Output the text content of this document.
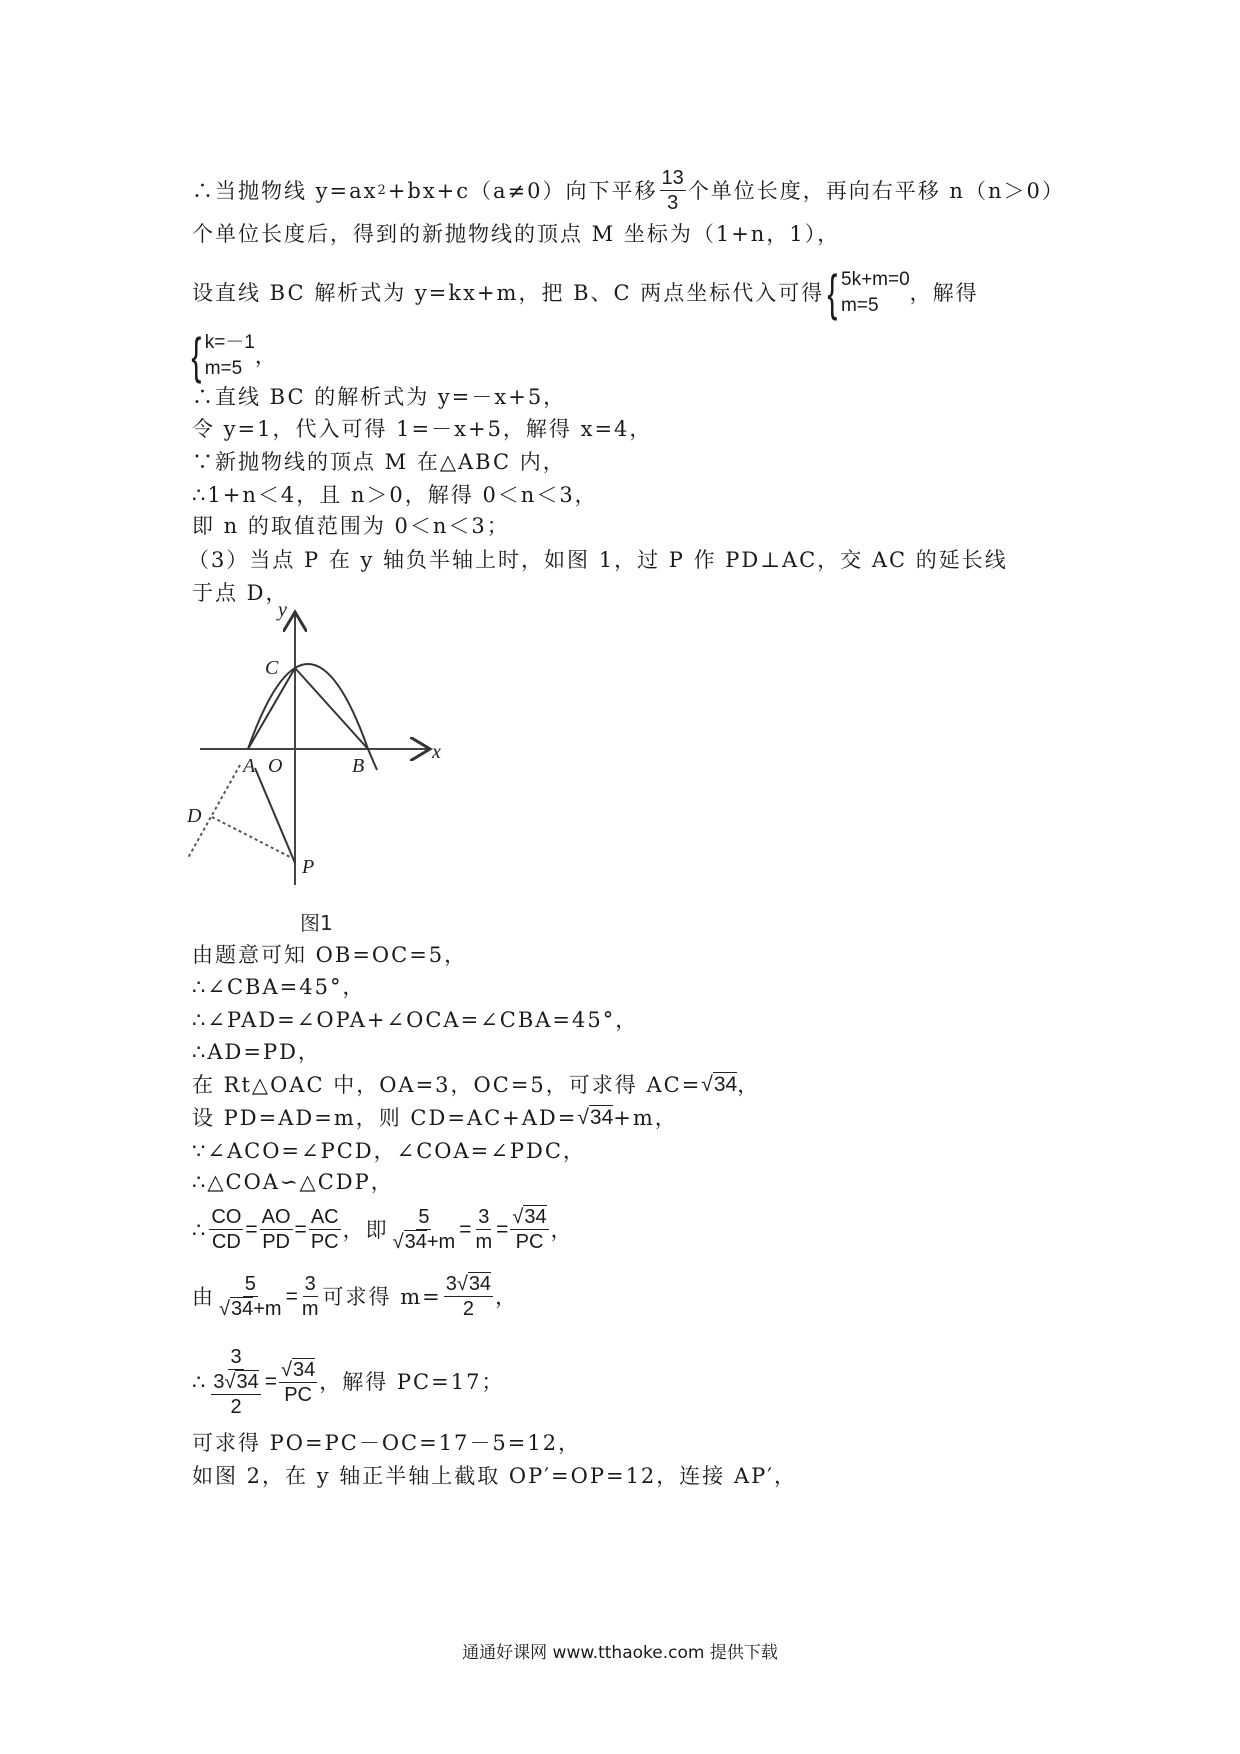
∴当抛物线 y=ax 2 +bx+c（a≠0）向下平移 $\frac{13}{3}$ 个单位长度，再向右平移 n（n＞0）
个单位长度后，得到的新抛物线的顶点 M 坐标为（1+n，1），
设直线 BC 解析式为 y=kx+m，把 B、C 两点坐标代入可得 { 5k+m=0
m=5
，解得
{ k=－1
m=5
，
∴直线 BC 的解析式为 y=－x+5，
令 y=1，代入可得 1=－x+5，解得 x=4，
∵新抛物线的顶点 M 在△ABC 内，
∴1+n＜4，且 n＞0，解得 0＜n＜3，
即 n 的取值范围为 0＜n＜3；
（3）当点 P 在 y 轴负半轴上时，如图 1，过 P 作 PD⊥AC，交 AC 的延长线
于点 D，
y
x
C
A O	B
D
P
图1
由题意可知 OB=OC=5，
∴∠CBA=45°，
∴∠PAD=∠OPA+∠OCA=∠CBA=45°，
∴AD=PD，
在 Rt△OAC 中，OA=3，OC=5，可求得 AC= √34 ，
设 PD=AD=m，则 CD=AC+AD= √34 +m，
∵∠ACO=∠PCD，∠COA=∠PDC，
∴△COA∽△CDP，
∴ $\frac{CO}{CD} = \frac{AO}{PD} = \frac{AC}{PC}$ ，即 $\frac{5}{√34+m} = \frac{3}{m} = \frac{√34}{PC}$ ，
由 $\frac{5}{√34+m} = \frac{3}{m}$ 可求得 $m= \frac{3√34}{2}$ ，
∴ $\frac{3}{\frac{3√34}{2}} = \frac{√34}{PC}$ ，解得 PC=17；
可求得 PO=PC－OC=17－5=12，
如图 2，在 y 轴正半轴上截取 OP′=OP=12，连接 AP′，
通通好课网 www.tthaoke.com 提供下载
